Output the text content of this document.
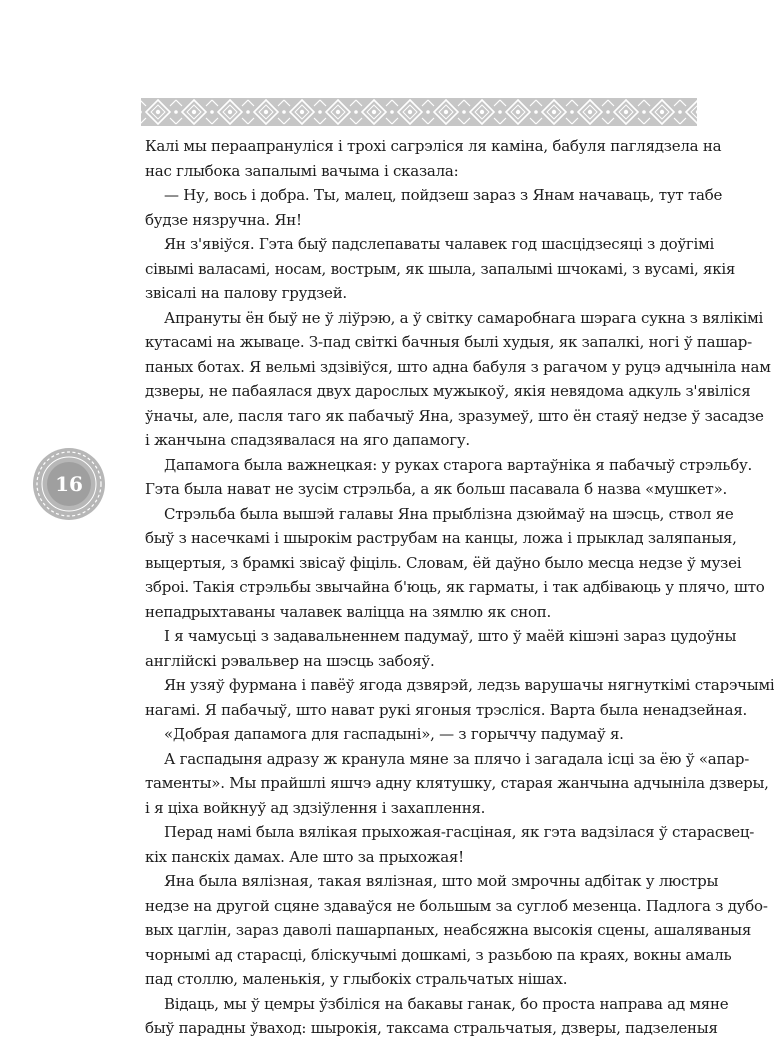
16
Калі мы пераапрануліся і трохі сагрэліся ля каміна, бабуля паглядзела на
нас глыбока запалымі вачыма і сказала:
— Ну, вось і добра. Ты, малец, пойдзеш зараз з Янам начаваць, тут табе
будзе нязручна. Ян!
Ян з'явіўся. Гэта быў падслепаваты чалавек год шасцідзесяці з доўгімі
сівымі валасамі, носам, вострым, як шыла, запалымі шчокамі, з вусамі, якія
звісалі на палову грудзей.
Апрануты ён быў не ў ліўрэю, а ў світку самаробнага шэрага сукна з вялікімі
кутасамі на жываце. З-пад світкі бачныя былі худыя, як запалкі, ногі ў пашар-
паных ботах. Я вельмі здзівіўся, што адна бабуля з рагачом у руцэ адчыніла нам
дзверы, не пабаялася двух дарослых мужыкоў, якія невядома адкуль з'явіліся
ўначы, але, пасля таго як пабачыў Яна, зразумеў, што ён стаяў недзе ў засадзе
і жанчына спадзявалася на яго дапамогу.
Дапамога была важнецкая: у руках старога вартаўніка я пабачыў стрэльбу.
Гэта была нават не зусім стрэльба, а як больш пасавала б назва «мушкет».
Стрэльба была вышэй галавы Яна прыблізна дзюймаў на шэсць, ствол яе
быў з насечкамі і шырокім раструбам на канцы, ложа і прыклад заляпаныя,
выцертыя, з брамкі звісаў фіціль. Словам, ёй даўно было месца недзе ў музеі
зброі. Такія стрэльбы звычайна б'юць, як гарматы, і так адбіваюць у плячо, што
непадрыхтаваны чалавек валіцца на зямлю як сноп.
І я чамусьці з задавальненнем падумаў, што ў маёй кішэні зараз цудоўны
англійскі рэвальвер на шэсць забояў.
Ян узяў фурмана і павёў ягода дзвярэй, ледзь варушачы нягнуткімі старэчымі
нагамі. Я пабачыў, што нават рукі ягоныя трэсліся. Варта была ненадзейная.
«Добрая дапамога для гаспадыні», — з горыччу падумаў я.
А гаспадыня адразу ж кранула мяне за плячо і загадала ісці за ёю ў «апар-
таменты». Мы прайшлі яшчэ адну клятушку, старая жанчына адчыніла дзверы,
і я ціха войкнуў ад здзіўлення і захаплення.
Перад намі была вялікая прыхожая-гасціная, як гэта вадзілася ў старасвец-
кіх панскіх дамах. Але што за прыхожая!
Яна была вялізная, такая вялізная, што мой змрочны адбітак у люстры
недзе на другой сцяне здаваўся не большым за суглоб мезенца. Падлога з дубо-
вых цаглін, зараз даволі пашарпаных, неабсяжна высокія сцены, ашаляваныя
чорнымі ад старасці, бліскучымі дошкамі, з разьбою па краях, вокны амаль
пад столлю, маленькія, у глыбокіх стральчатых нішах.
Відаць, мы ў цемры ўзбіліся на бакавы ганак, бо проста направа ад мяне
быў парадны ўваход: шырокія, таксама стральчатыя, дзверы, падзеленыя
